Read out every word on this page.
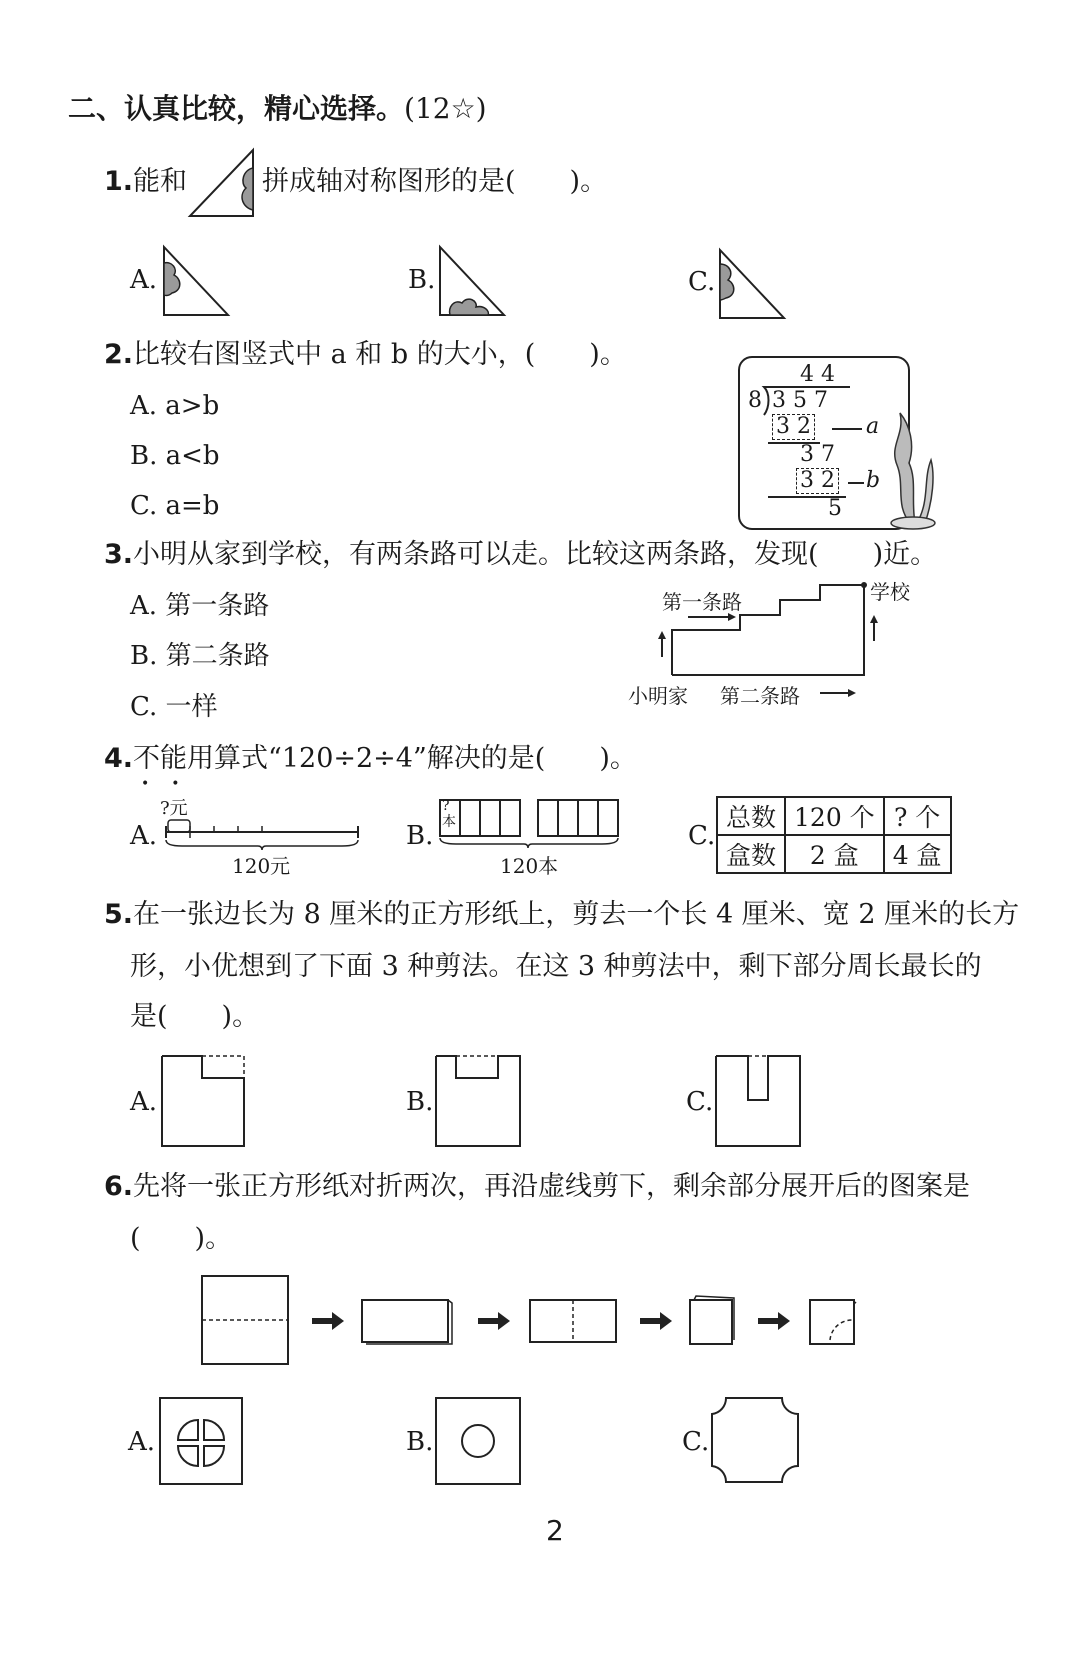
二、认真比较，精心选择。(12☆)
1.能和	拼成轴对称图形的是( )。
A.	B.	C.
2.比较右图竖式中 a 和 b 的大小，( )。
A. a>b
B. a<b
C. a=b
4 4
8 3 5 7
3 2	a
3 7
3 2 b
5
3.小明从家到学校，有两条路可以走。比较这两条路，发现( )近。
A. 第一条路
B. 第二条路
C. 一样
第一条路	学校
小明家 第二条路
4.不能用算式“120÷2÷4”解决的是( )。
••
A.
?元
120元
B.
?本
120本
C.
总数	120 个	? 个
盒数	2 盒	4 盒
5.在一张边长为 8 厘米的正方形纸上，剪去一个长 4 厘米、宽 2 厘米的长方
形，小优想到了下面 3 种剪法。在这 3 种剪法中，剩下部分周长最长的
是(　　)。
A.	B.	C.
6.先将一张正方形纸对折两次，再沿虚线剪下，剩余部分展开后的图案是
(　　)。
A.	B.	C.
2
